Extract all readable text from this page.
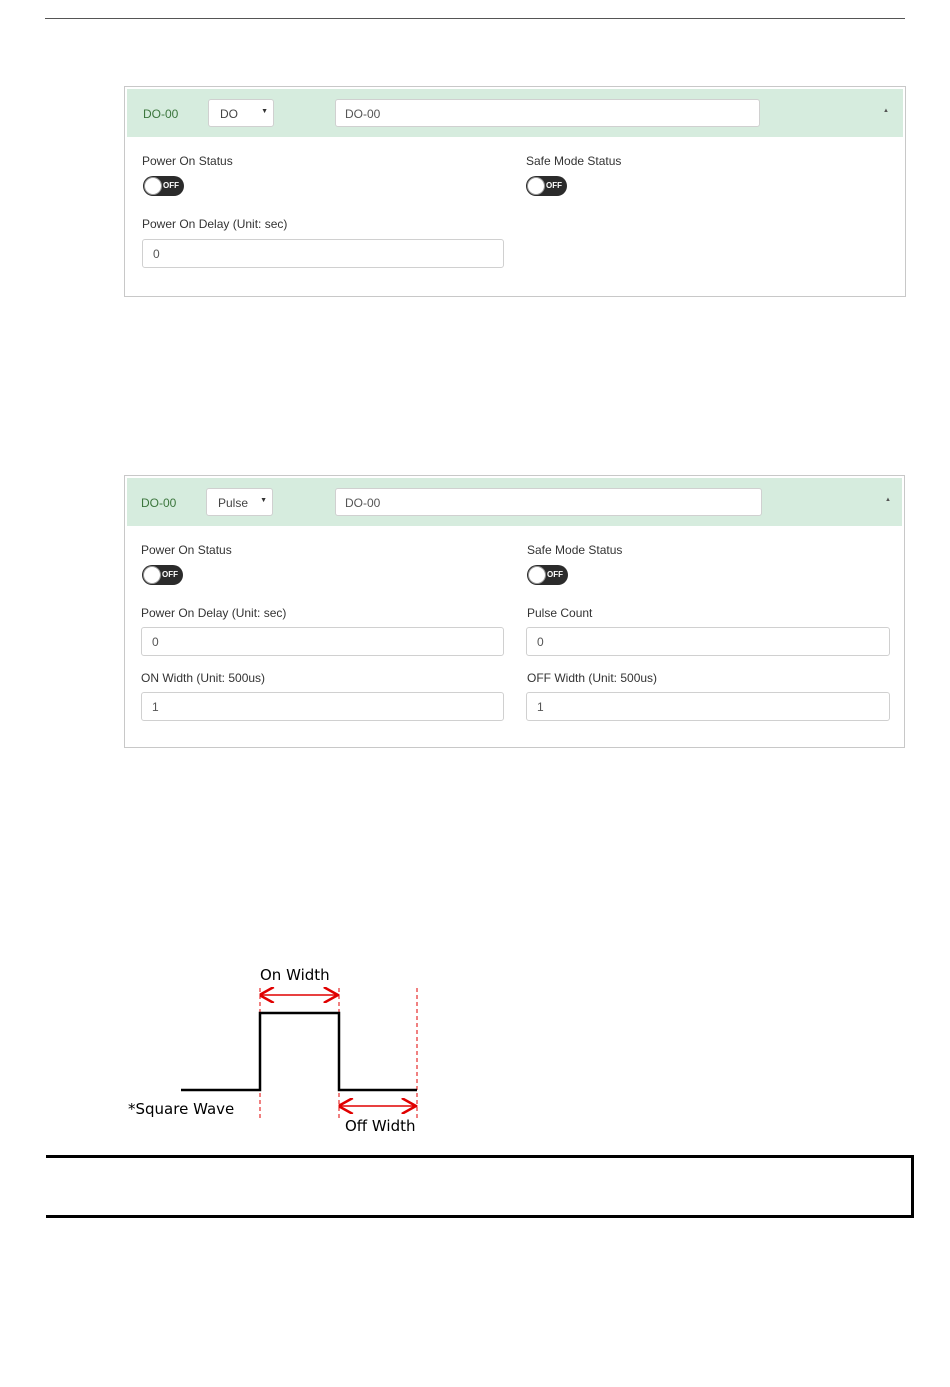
DO-00	DO	▼	DO-00	▲
Power On Status
OFF
Safe Mode Status
OFF
Power On Delay (Unit: sec)
0
DO-00	Pulse ▼	DO-00	▲
Power On Status
OFF
Safe Mode Status
OFF
Power On Delay (Unit: sec)
0
Pulse Count
0
ON Width (Unit: 500us)
1
OFF Width (Unit: 500us)
1
On Width
Off Width
*Square Wave
